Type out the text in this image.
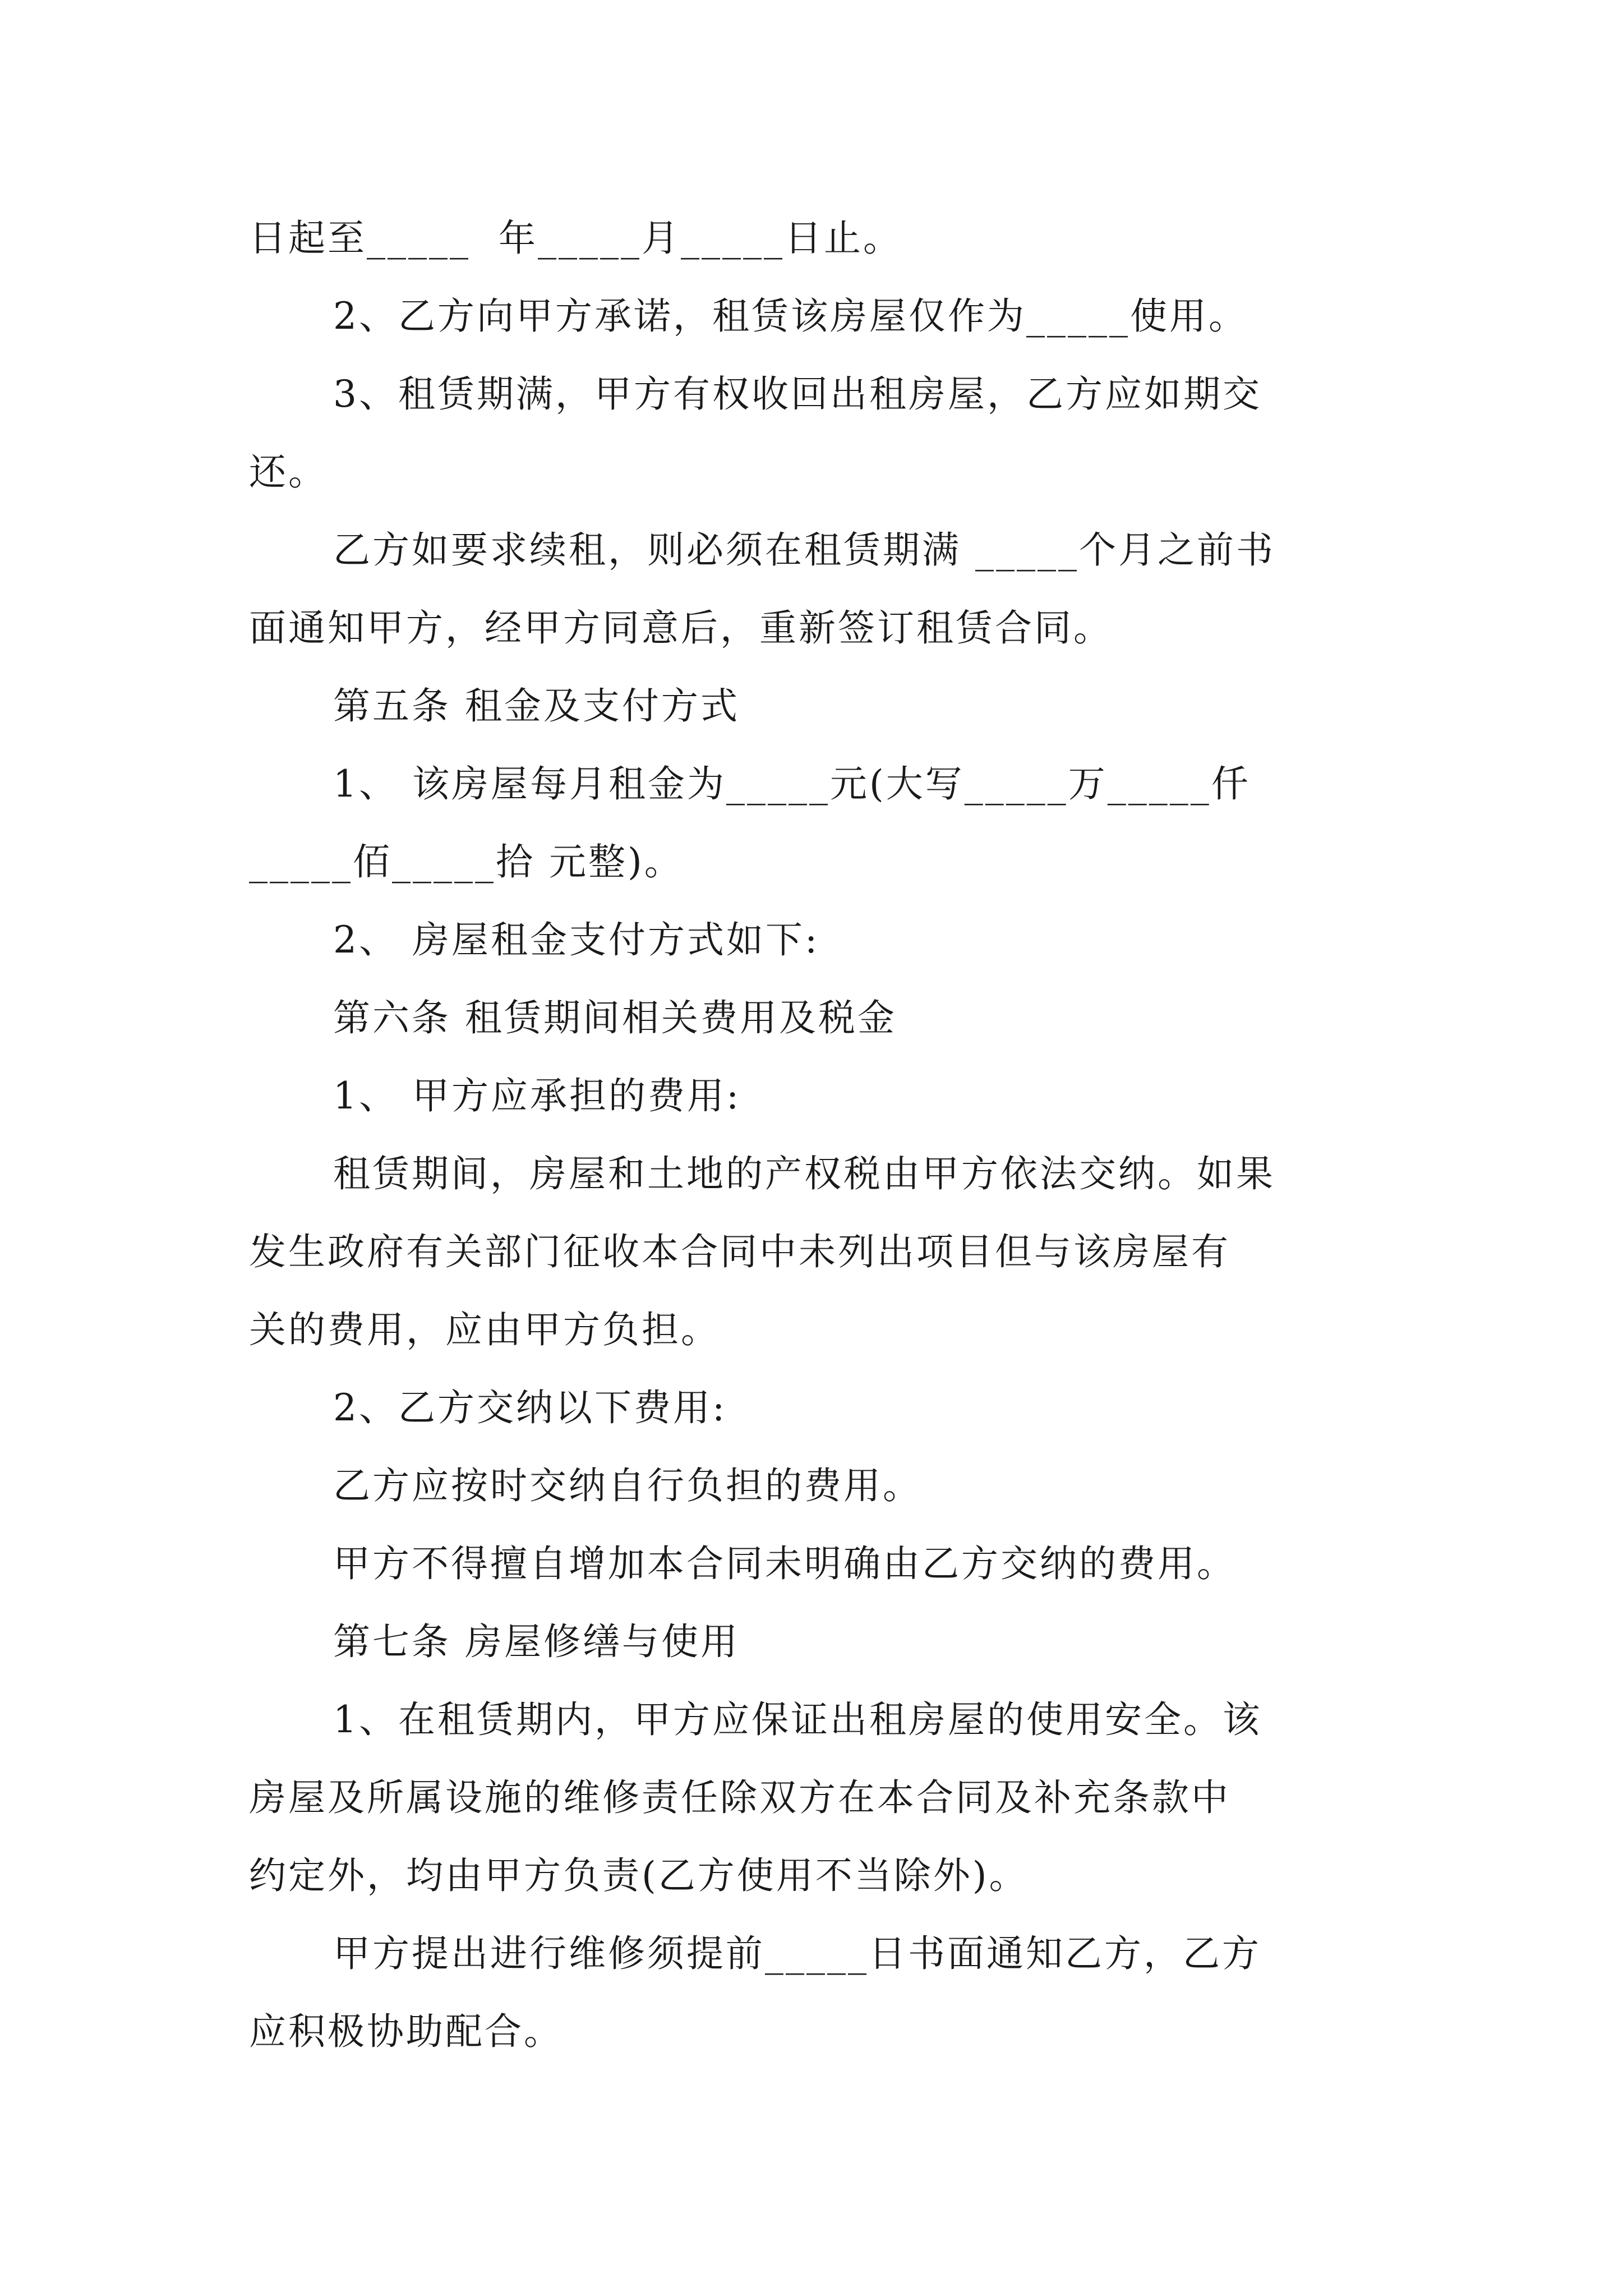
日起至_____  年_____月_____日止。
2、乙方向甲方承诺，租赁该房屋仅作为_____使用。
3、租赁期满，甲方有权收回出租房屋，乙方应如期交
还。
乙方如要求续租，则必须在租赁期满 _____个月之前书
面通知甲方，经甲方同意后，重新签订租赁合同。
第五条 租金及支付方式
1、 该房屋每月租金为_____元(大写_____万_____仟
_____佰_____拾 元整)。
2、 房屋租金支付方式如下:
第六条 租赁期间相关费用及税金
1、 甲方应承担的费用:
租赁期间，房屋和土地的产权税由甲方依法交纳。如果
发生政府有关部门征收本合同中未列出项目但与该房屋有
关的费用，应由甲方负担。
2、乙方交纳以下费用:
乙方应按时交纳自行负担的费用。
甲方不得擅自增加本合同未明确由乙方交纳的费用。
第七条 房屋修缮与使用
1、在租赁期内，甲方应保证出租房屋的使用安全。该
房屋及所属设施的维修责任除双方在本合同及补充条款中
约定外，均由甲方负责(乙方使用不当除外)。
甲方提出进行维修须提前_____日书面通知乙方，乙方
应积极协助配合。
